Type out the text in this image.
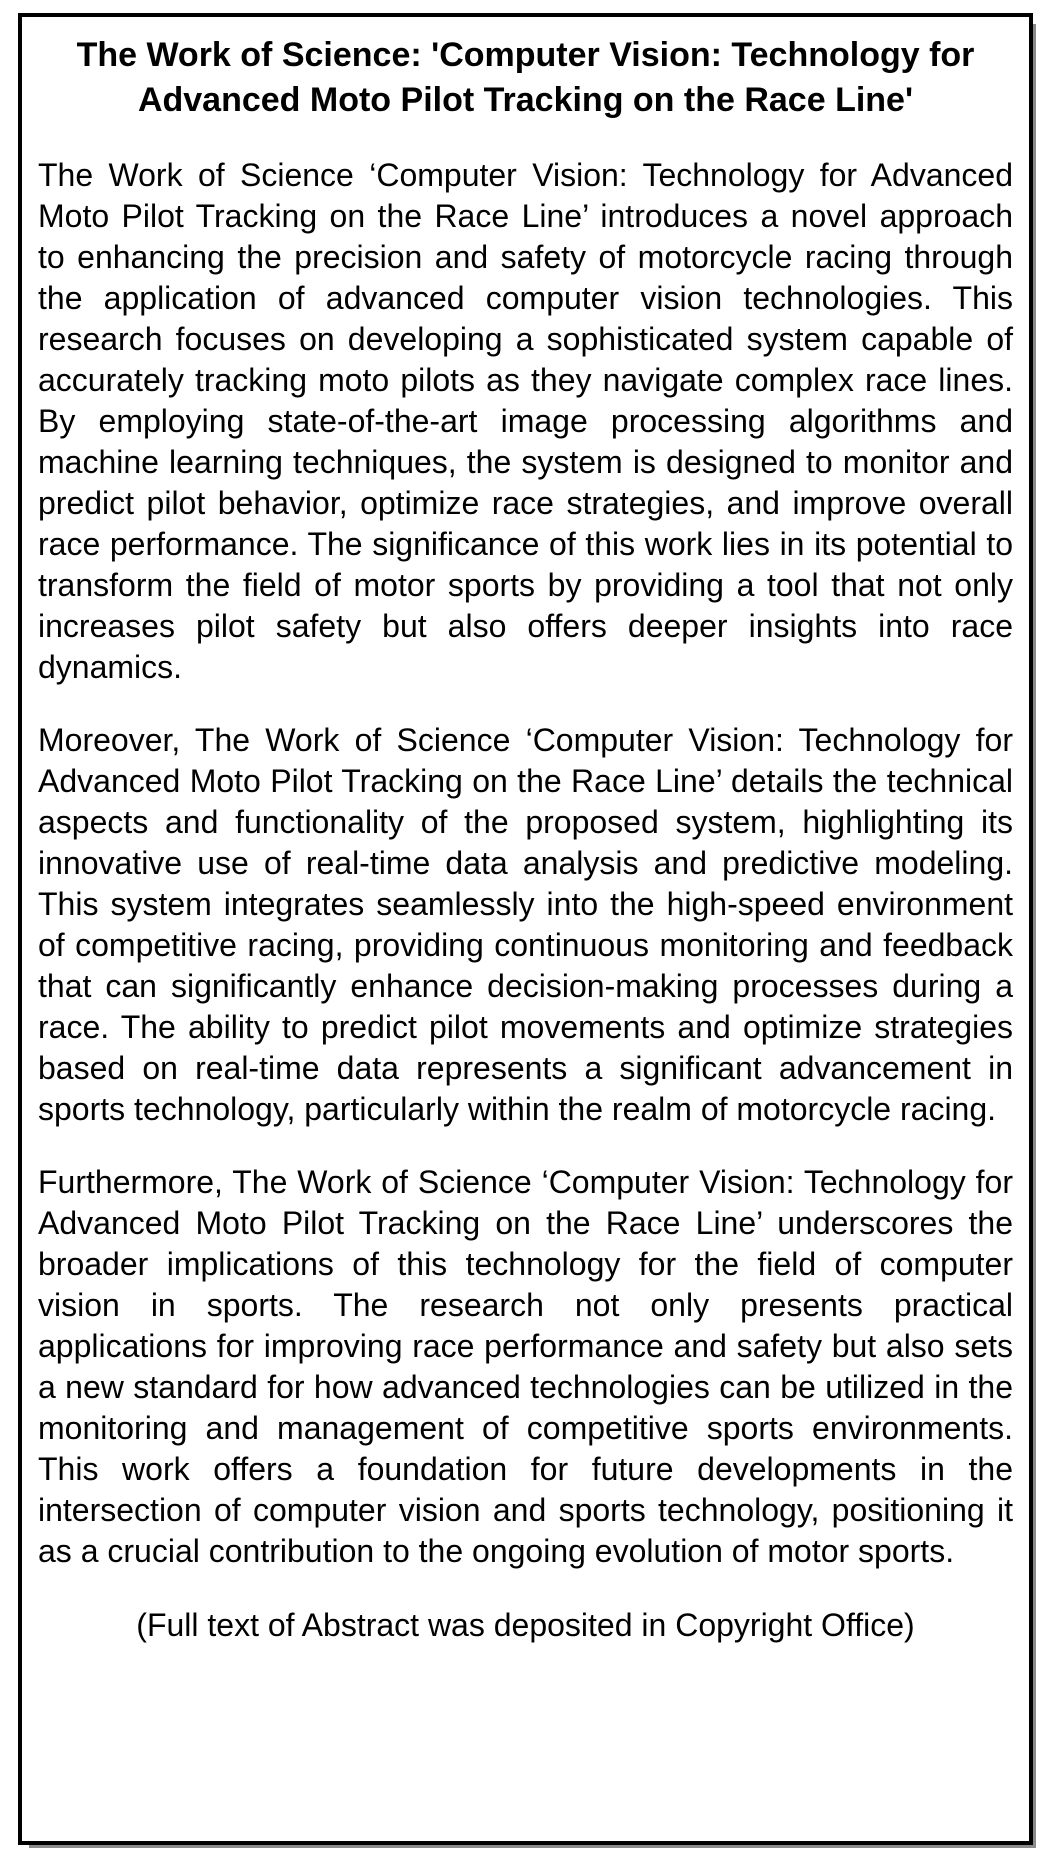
The Work of Science: 'Computer Vision: Technology for Advanced Moto Pilot Tracking on the Race Line'

The Work of Science ‘Computer Vision: Technology for Advanced Moto Pilot Tracking on the Race Line’ introduces a novel approach to enhancing the precision and safety of motorcycle racing through the application of advanced computer vision technologies. This research focuses on developing a sophisticated system capable of accurately tracking moto pilots as they navigate complex race lines. By employing state-of-the-art image processing algorithms and machine learning techniques, the system is designed to monitor and predict pilot behavior, optimize race strategies, and improve overall race performance. The significance of this work lies in its potential to transform the field of motor sports by providing a tool that not only increases pilot safety but also offers deeper insights into race dynamics.

Moreover, The Work of Science ‘Computer Vision: Technology for Advanced Moto Pilot Tracking on the Race Line’ details the technical aspects and functionality of the proposed system, highlighting its innovative use of real-time data analysis and predictive modeling. This system integrates seamlessly into the high-speed environment of competitive racing, providing continuous monitoring and feedback that can significantly enhance decision-making processes during a race. The ability to predict pilot movements and optimize strategies based on real-time data represents a significant advancement in sports technology, particularly within the realm of motorcycle racing.

Furthermore, The Work of Science ‘Computer Vision: Technology for Advanced Moto Pilot Tracking on the Race Line’ underscores the broader implications of this technology for the field of computer vision in sports. The research not only presents practical applications for improving race performance and safety but also sets a new standard for how advanced technologies can be utilized in the monitoring and management of competitive sports environments. This work offers a foundation for future developments in the intersection of computer vision and sports technology, positioning it as a crucial contribution to the ongoing evolution of motor sports.

(Full text of Abstract was deposited in Copyright Office)
